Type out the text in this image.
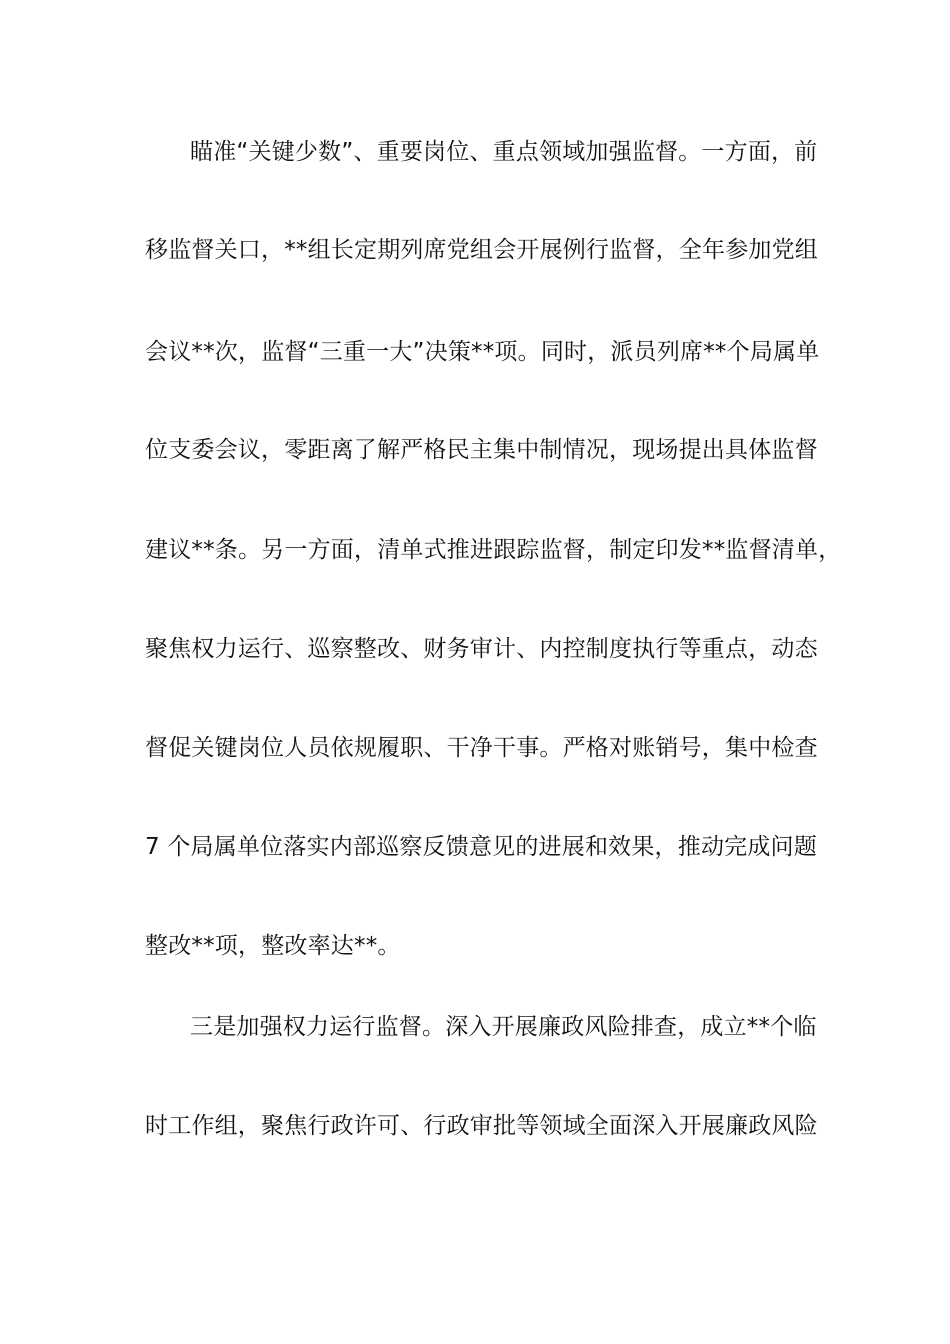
瞄准“关键少数”、重要岗位、重点领域加强监督。一方面，前
移监督关口，**组长定期列席党组会开展例行监督，全年参加党组
会议**次，监督“三重一大”决策**项。同时，派员列席**个局属单
位支委会议，零距离了解严格民主集中制情况，现场提出具体监督
建议**条。另一方面，清单式推进跟踪监督，制定印发**监督清单，
聚焦权力运行、巡察整改、财务审计、内控制度执行等重点，动态
督促关键岗位人员依规履职、干净干事。严格对账销号，集中检查
7 个局属单位落实内部巡察反馈意见的进展和效果，推动完成问题
整改**项，整改率达**。
三是加强权力运行监督。深入开展廉政风险排查，成立**个临
时工作组，聚焦行政许可、行政审批等领域全面深入开展廉政风险
